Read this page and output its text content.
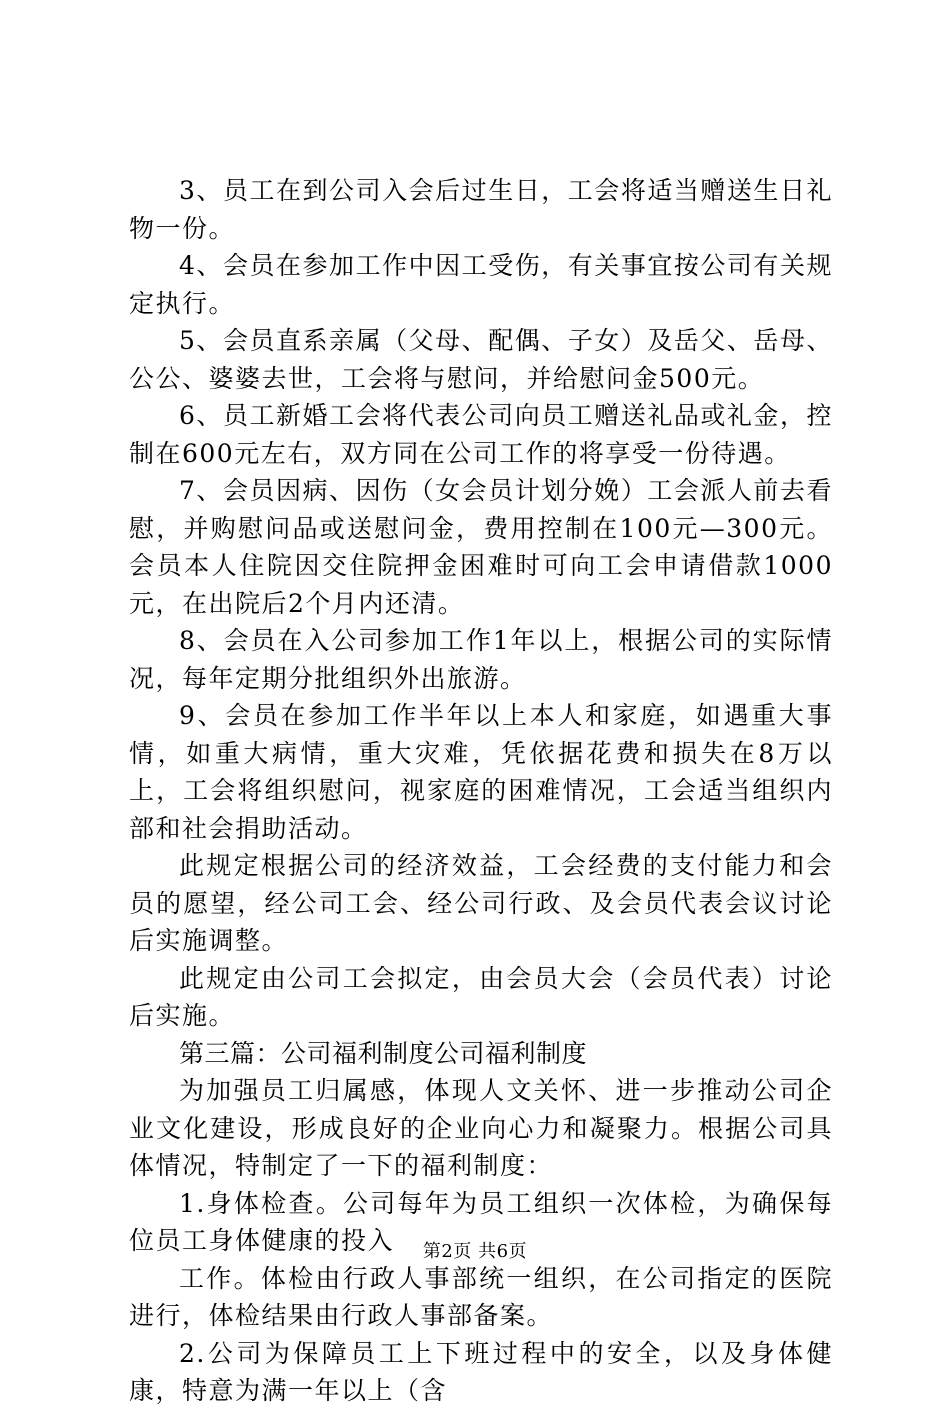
3、员工在到公司入会后过生日，工会将适当赠送生日礼物一份。

4、会员在参加工作中因工受伤，有关事宜按公司有关规定执行。

5、会员直系亲属（父母、配偶、子女）及岳父、岳母、公公、婆婆去世，工会将与慰问，并给慰问金500元。

6、员工新婚工会将代表公司向员工赠送礼品或礼金，控制在600元左右，双方同在公司工作的将享受一份待遇。

7、会员因病、因伤（女会员计划分娩）工会派人前去看慰，并购慰问品或送慰问金，费用控制在100元—300元。会员本人住院因交住院押金困难时可向工会申请借款1000元，在出院后2个月内还清。

8、会员在入公司参加工作1年以上，根据公司的实际情况，每年定期分批组织外出旅游。

9、会员在参加工作半年以上本人和家庭，如遇重大事情，如重大病情，重大灾难，凭依据花费和损失在8万以上，工会将组织慰问，视家庭的困难情况，工会适当组织内部和社会捐助活动。

此规定根据公司的经济效益，工会经费的支付能力和会员的愿望，经公司工会、经公司行政、及会员代表会议讨论后实施调整。

此规定由公司工会拟定，由会员大会（会员代表）讨论后实施。

第三篇：公司福利制度公司福利制度

为加强员工归属感，体现人文关怀、进一步推动公司企业文化建设，形成良好的企业向心力和凝聚力。根据公司具体情况，特制定了一下的福利制度：

1.身体检查。公司每年为员工组织一次体检，为确保每位员工身体健康的投入

工作。体检由行政人事部统一组织，在公司指定的医院进行，体检结果由行政人事部备案。

2.公司为保障员工上下班过程中的安全，以及身体健康，特意为满一年以上（含

第2页 共6页
